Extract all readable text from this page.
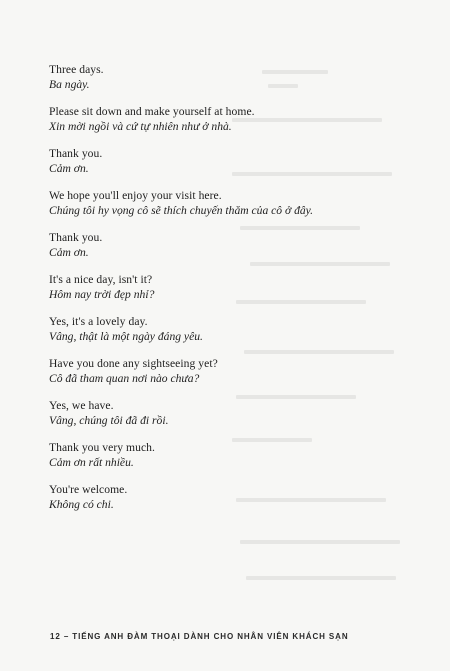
Three days.
Ba ngày.
Please sit down and make yourself at home.
Xin mời ngồi và cứ tự nhiên như ở nhà.
Thank you.
Cảm ơn.
We hope you'll enjoy your visit here.
Chúng tôi hy vọng cô sẽ thích chuyến thăm của cô ở đây.
Thank you.
Cảm ơn.
It's a nice day, isn't it?
Hôm nay trời đẹp nhỉ?
Yes, it's a lovely day.
Vâng, thật là một ngày đáng yêu.
Have you done any sightseeing yet?
Cô đã tham quan nơi nào chưa?
Yes, we have.
Vâng, chúng tôi đã đi rồi.
Thank you very much.
Cảm ơn rất nhiều.
You're welcome.
Không có chi.
12 – TIẾNG ANH ĐÀM THOẠI DÀNH CHO NHÂN VIÊN KHÁCH SẠN
